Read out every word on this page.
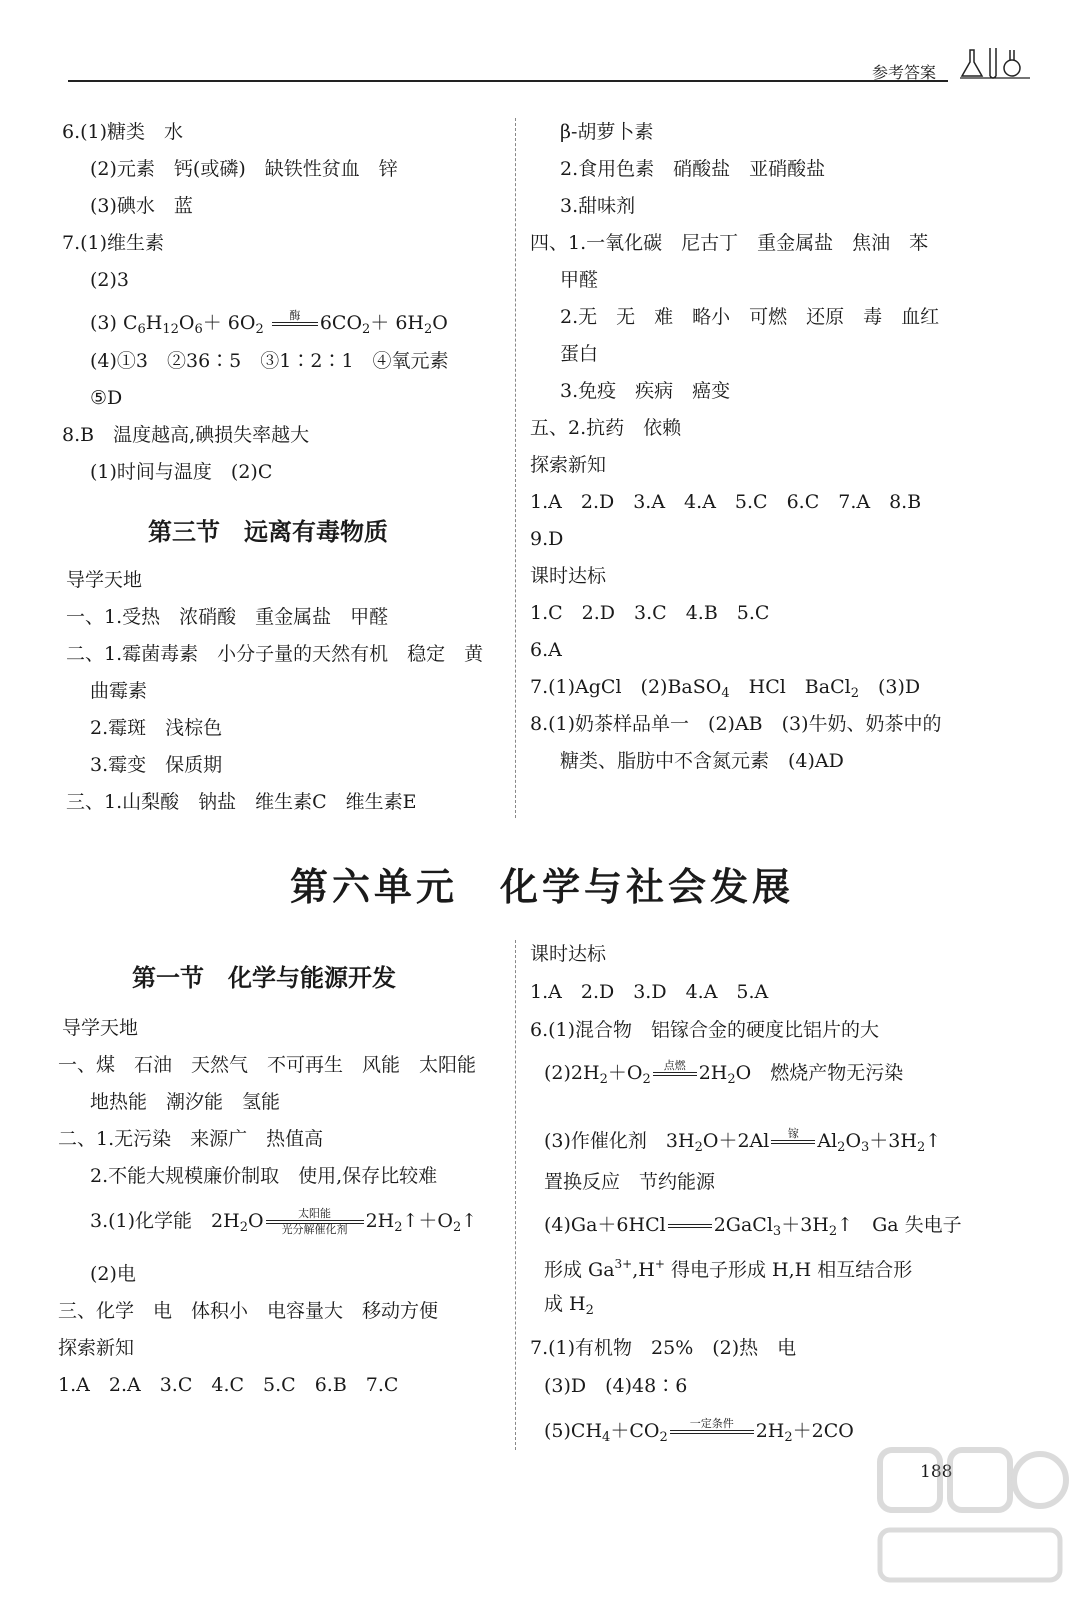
参考答案
6.(1)糖类　水
(2)元素　钙(或磷)　缺铁性贫血　锌
(3)碘水　蓝
7.(1)维生素
(2)3
(3) $C_6H_{12}O_6+ 6O_2$
酶
	$6CO_2+ 6H_2O$
(4)①3　②36∶5　③1∶2∶1　④氧元素
⑤D
8.B　温度越高,碘损失率越大
(1)时间与温度　(2)C
第三节　远离有毒物质
导学天地
一、1.受热　浓硝酸　重金属盐　甲醛
二、1.霉菌毒素　小分子量的天然有机　稳定　黄
曲霉素
2.霉斑　浅棕色
3.霉变　保质期
三、1.山梨酸　钠盐　维生素C　维生素E
β-胡萝卜素
2.食用色素　硝酸盐　亚硝酸盐
3.甜味剂
四、1.一氧化碳　尼古丁　重金属盐　焦油　苯
甲醛
2.无　无　难　略小　可燃　还原　毒　血红
蛋白
3.免疫　疾病　癌变
五、2.抗药　依赖
探索新知
1.A　2.D　3.A　4.A　5.C　6.C　7.A　8.B
9.D
课时达标
1.C　2.D　3.C　4.B　5.C
6.A
7.(1)AgCl　(2)BaSO$_4$　HCl　BaCl$_2$　(3)D
8.(1)奶茶样品单一　(2)AB　(3)牛奶、奶茶中的
糖类、脂肪中不含氮元素　(4)AD
第六单元　化学与社会发展
第一节　化学与能源开发
导学天地
一、煤　石油　天然气　不可再生　风能　太阳能
地热能　潮汐能　氢能
二、1.无污染　来源广　热值高
2.不能大规模廉价制取　使用,保存比较难
3.(1)化学能　$2H_2O$	太阳能
光分解催化剂 $2H_2↑+O_2↑$
(2)电
三、化学　电　体积小　电容量大　移动方便
探索新知
1.A　2.A　3.C　4.C　5.C　6.B　7.C
课时达标
1.A　2.D　3.D　4.A　5.A
6.(1)混合物　铝镓合金的硬度比铝片的大
$(2)2H_2+O_2$
点燃
$2H_2O$　燃烧产物无污染
(3)作催化剂　$3H_2O+2Al$	镓
$Al_2O_3+3H_2↑$
置换反应　节约能源
(4)Ga＋6HCl

	$2GaCl_3+3H_2↑$　Ga 失电子
形成 $Ga^{3+},H^+$ 得电子形成 H,H 相互结合形
成 $H_2$
7.(1)有机物　25%　(2)热　电
(3)D　(4)48∶6
$(5)CH_4+CO_2$
一定条件
	$2H_2+2CO$
188
